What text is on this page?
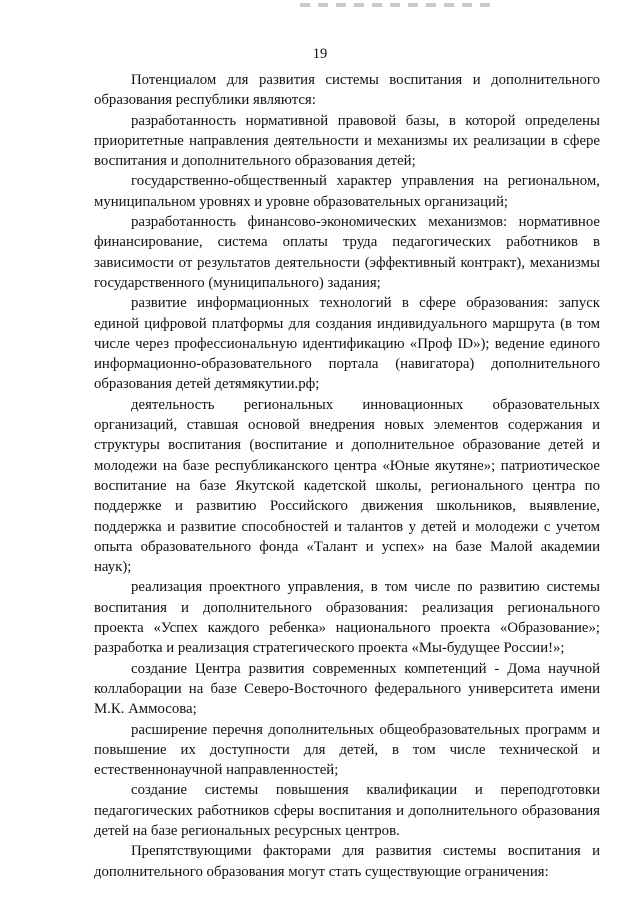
19

Потенциалом для развития системы воспитания и дополнительного образования республики являются:

разработанность нормативной правовой базы, в которой определены приоритетные направления деятельности и механизмы их реализации в сфере воспитания и дополнительного образования детей;

государственно-общественный характер управления на региональном, муниципальном уровнях и уровне образовательных организаций;

разработанность финансово-экономических механизмов: нормативное финансирование, система оплаты труда педагогических работников в зависимости от результатов деятельности (эффективный контракт), механизмы государственного (муниципального) задания;

развитие информационных технологий в сфере образования: запуск единой цифровой платформы для создания индивидуального маршрута (в том числе через профессиональную идентификацию «Проф ID»); ведение единого информационно-образовательного портала (навигатора) дополнительного образования детей детямякутии.рф;

деятельность региональных инновационных образовательных организаций, ставшая основой внедрения новых элементов содержания и структуры воспитания (воспитание и дополнительное образование детей и молодежи на базе республиканского центра «Юные якутяне»; патриотическое воспитание на базе Якутской кадетской школы, регионального центра по поддержке и развитию Российского движения школьников, выявление, поддержка и развитие способностей и талантов у детей и молодежи с учетом опыта образовательного фонда «Талант и успех» на базе Малой академии наук);

реализация проектного управления, в том числе по развитию системы воспитания и дополнительного образования: реализация регионального проекта «Успех каждого ребенка» национального проекта «Образование»; разработка и реализация стратегического проекта «Мы-будущее России!»;

создание Центра развития современных компетенций - Дома научной коллаборации на базе Северо-Восточного федерального университета имени М.К. Аммосова;

расширение перечня дополнительных общеобразовательных программ и повышение их доступности для детей, в том числе технической и естественнонаучной направленностей;

создание системы повышения квалификации и переподготовки педагогических работников сферы воспитания и дополнительного образования детей на базе региональных ресурсных центров.

Препятствующими факторами для развития системы воспитания и дополнительного образования могут стать существующие ограничения:
